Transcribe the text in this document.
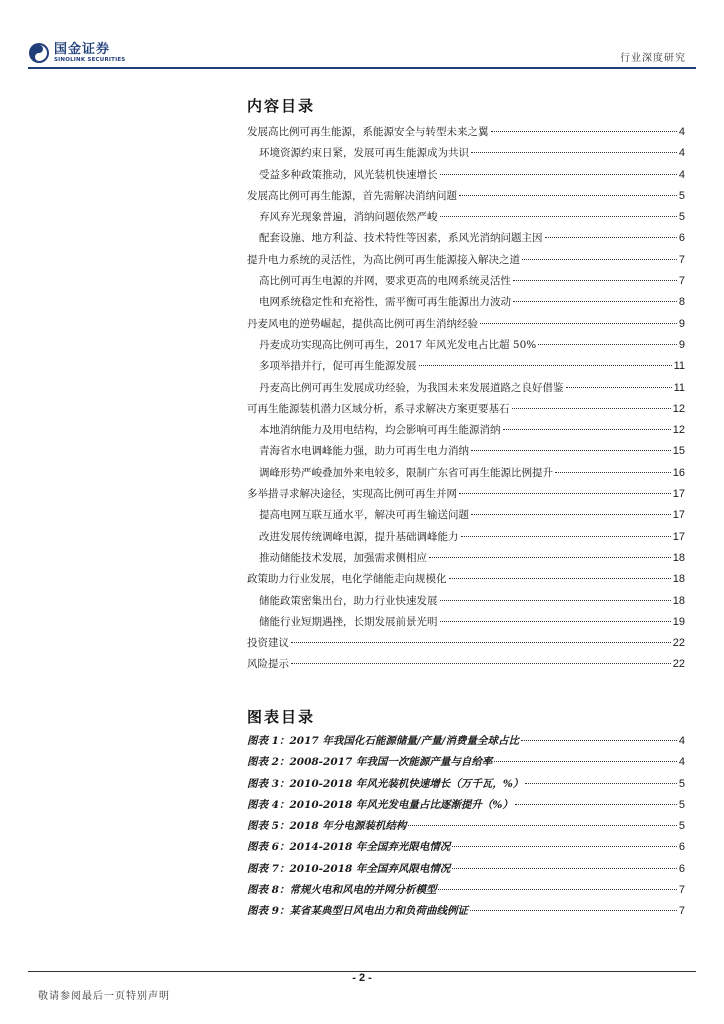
国金证券
SINOLINK SECURITIES	行业深度研究
内容目录
发展高比例可再生能源，系能源安全与转型未来之翼	4
环境资源约束日紧，发展可再生能源成为共识	4
受益多种政策推动，风光装机快速增长	4
发展高比例可再生能源，首先需解决消纳问题	5
弃风弃光现象普遍，消纳问题依然严峻	5
配套设施、地方利益、技术特性等因素，系风光消纳问题主因	6
提升电力系统的灵活性，为高比例可再生能源接入解决之道	7
高比例可再生电源的并网，要求更高的电网系统灵活性	7
电网系统稳定性和充裕性，需平衡可再生能源出力波动	8
丹麦风电的逆势崛起，提供高比例可再生消纳经验	9
丹麦成功实现高比例可再生，2017 年风光发电占比超 50%	9
多项举措并行，促可再生能源发展	11
丹麦高比例可再生发展成功经验，为我国未来发展道路之良好借鉴	11
可再生能源装机潜力区域分析，系寻求解决方案更要基石	12
本地消纳能力及用电结构，均会影响可再生能源消纳	12
青海省水电调峰能力强，助力可再生电力消纳	15
调峰形势严峻叠加外来电较多，限制广东省可再生能源比例提升	16
多举措寻求解决途径，实现高比例可再生并网	17
提高电网互联互通水平，解决可再生输送问题	17
改进发展传统调峰电源，提升基础调峰能力	17
推动储能技术发展，加强需求侧相应	18
政策助力行业发展，电化学储能走向规模化	18
储能政策密集出台，助力行业快速发展	18
储能行业短期遇挫，长期发展前景光明	19
投资建议	22
风险提示	22
图表目录
图表 1：2017 年我国化石能源储量/产量/消费量全球占比	4
图表 2：2008-2017 年我国一次能源产量与自给率	4
图表 3：2010-2018 年风光装机快速增长（万千瓦，%）	5
图表 4：2010-2018 年风光发电量占比逐渐提升（%）	5
图表 5：2018 年分电源装机结构	5
图表 6：2014-2018 年全国弃光限电情况	6
图表 7：2010-2018 年全国弃风限电情况	6
图表 8：常规火电和风电的并网分析模型	7
图表 9：某省某典型日风电出力和负荷曲线例证	7
- 2 -
敬请参阅最后一页特别声明
